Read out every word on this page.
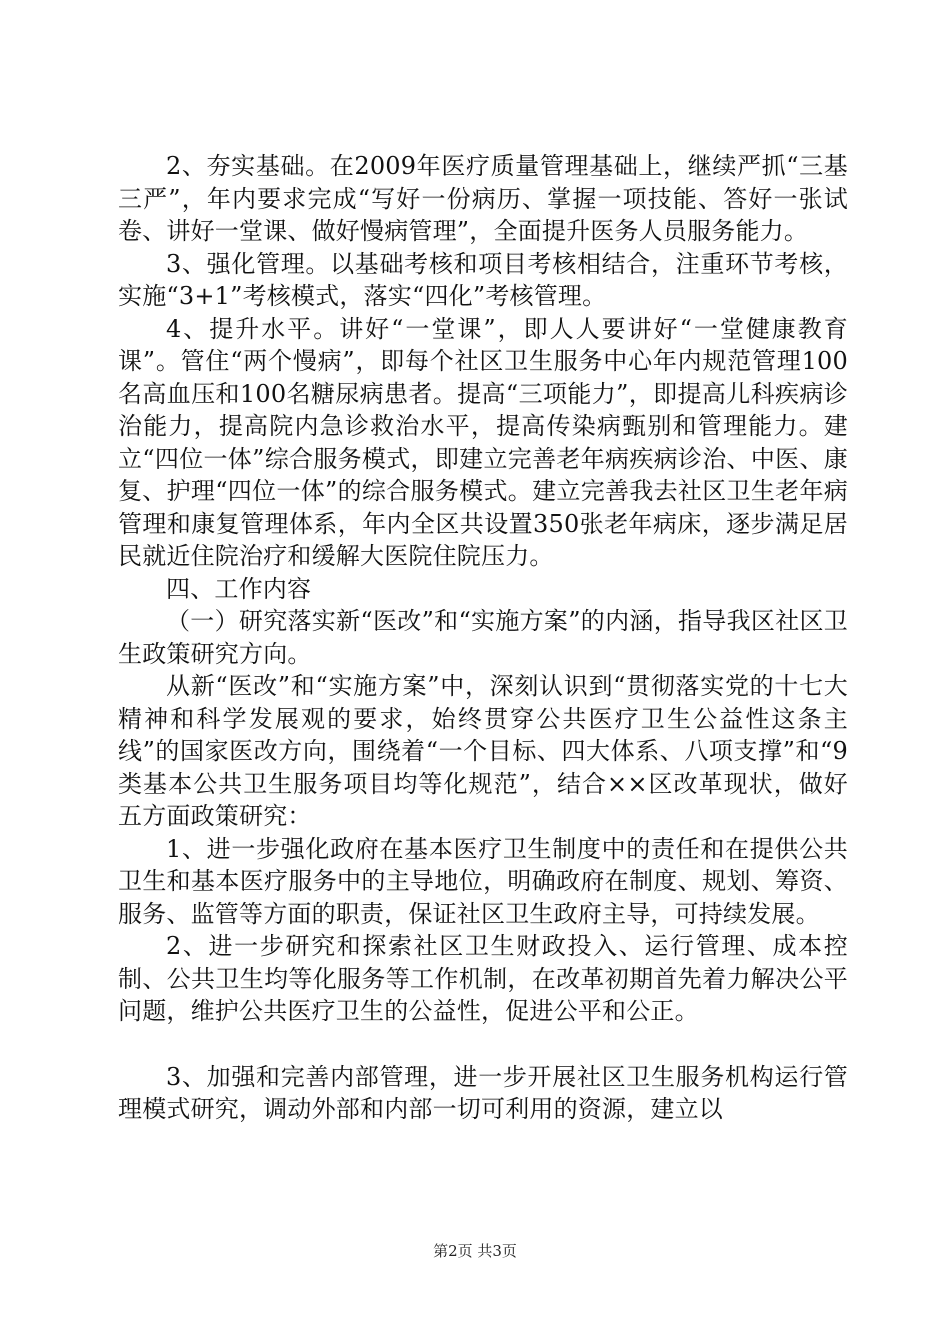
2、夯实基础。在2009年医疗质量管理基础上，继续严抓“三基三严”，年内要求完成“写好一份病历、掌握一项技能、答好一张试卷、讲好一堂课、做好慢病管理”，全面提升医务人员服务能力。

3、强化管理。以基础考核和项目考核相结合，注重环节考核，实施“3+1”考核模式，落实“四化”考核管理。

4、提升水平。讲好“一堂课”，即人人要讲好“一堂健康教育课”。管住“两个慢病”，即每个社区卫生服务中心年内规范管理100名高血压和100名糖尿病患者。提高“三项能力”，即提高儿科疾病诊治能力，提高院内急诊救治水平，提高传染病甄别和管理能力。建立“四位一体”综合服务模式，即建立完善老年病疾病诊治、中医、康复、护理“四位一体”的综合服务模式。建立完善我去社区卫生老年病管理和康复管理体系，年内全区共设置350张老年病床，逐步满足居民就近住院治疗和缓解大医院住院压力。

四、工作内容

（一）研究落实新“医改”和“实施方案”的内涵，指导我区社区卫生政策研究方向。

从新“医改”和“实施方案”中，深刻认识到“贯彻落实党的十七大精神和科学发展观的要求，始终贯穿公共医疗卫生公益性这条主线”的国家医改方向，围绕着“一个目标、四大体系、八项支撑”和“9类基本公共卫生服务项目均等化规范”，结合××区改革现状，做好五方面政策研究：

1、进一步强化政府在基本医疗卫生制度中的责任和在提供公共卫生和基本医疗服务中的主导地位，明确政府在制度、规划、筹资、服务、监管等方面的职责，保证社区卫生政府主导，可持续发展。

2、进一步研究和探索社区卫生财政投入、运行管理、成本控制、公共卫生均等化服务等工作机制，在改革初期首先着力解决公平问题，维护公共医疗卫生的公益性，促进公平和公正。

3、加强和完善内部管理，进一步开展社区卫生服务机构运行管理模式研究，调动外部和内部一切可利用的资源，建立以

第2页 共3页
